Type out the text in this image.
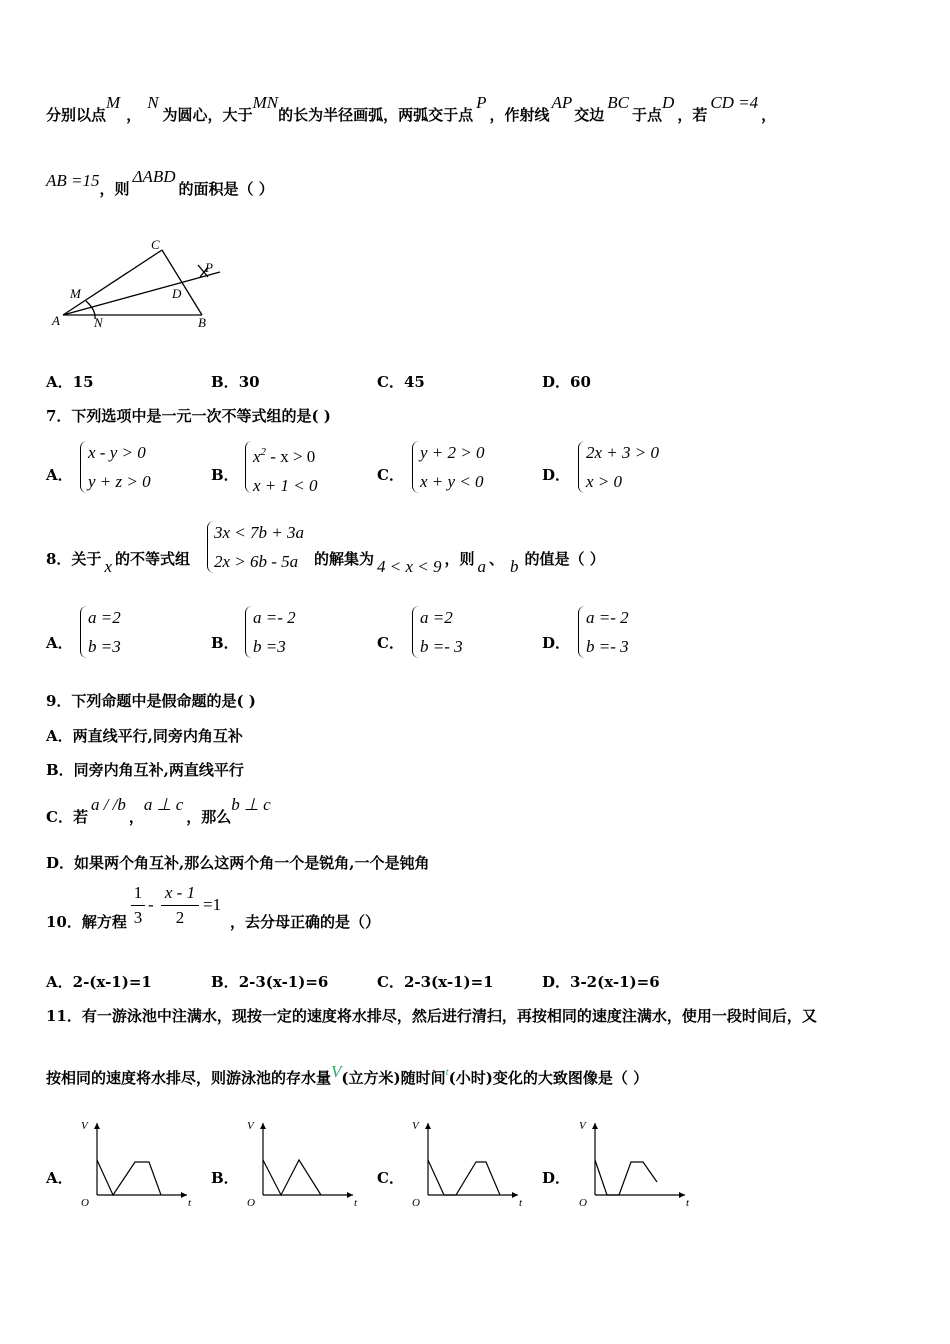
分别以点M，N为圆心，大于MN的长为半径画弧，两弧交于点P，作射线AP交边BC于点D，若CD =4，
AB =15，则ΔABD的面积是（ ）
C
P
M	D
A	N	B
A．15	B．30	C．45	D．60
7．下列选项中是一元一次不等式组的是( )
A．
x - y > 0
y + z > 0	B．
$x^2 - x > 0$
x + 1 < 0
C．
y + 2 > 0
x + y < 0	D．
2x + 3 > 0
x > 0
8．关于 x 的不等式组
3x < 7b + 3a
2x > 6b - 5a	的解集为 4 < x < 9 ，则 a 、 b 的值是（ ）
A．
a =2
b =3	B．
a =- 2
b =3	C．
a =2
b =- 3	D．
a =- 2
b =- 3
9．下列命题中是假命题的是( )
A．两直线平行,同旁内角互补
B．同旁内角互补,两直线平行
C．若a / /b，a ⊥ c，那么b ⊥ c
D．如果两个角互补,那么这两个角一个是锐角,一个是钝角
10．解方程
1
3
-
x - 1
2
=1
，去分母正确的是（）
A．2-(x-1)=1	B．2-3(x-1)=6	C．2-3(x-1)=1	D．3-2(x-1)=6
11．有一游泳池中注满水，现按一定的速度将水排尽，然后进行清扫，再按相同的速度注满水，使用一段时间后，又
按相同的速度将水排尽，则游泳池的存水量V(立方米)随时间$^t$(小时)变化的大致图像是（ ）
A．	B．	C．	D．
V
O	t
V
O	t
V
O	t
V
O	t
